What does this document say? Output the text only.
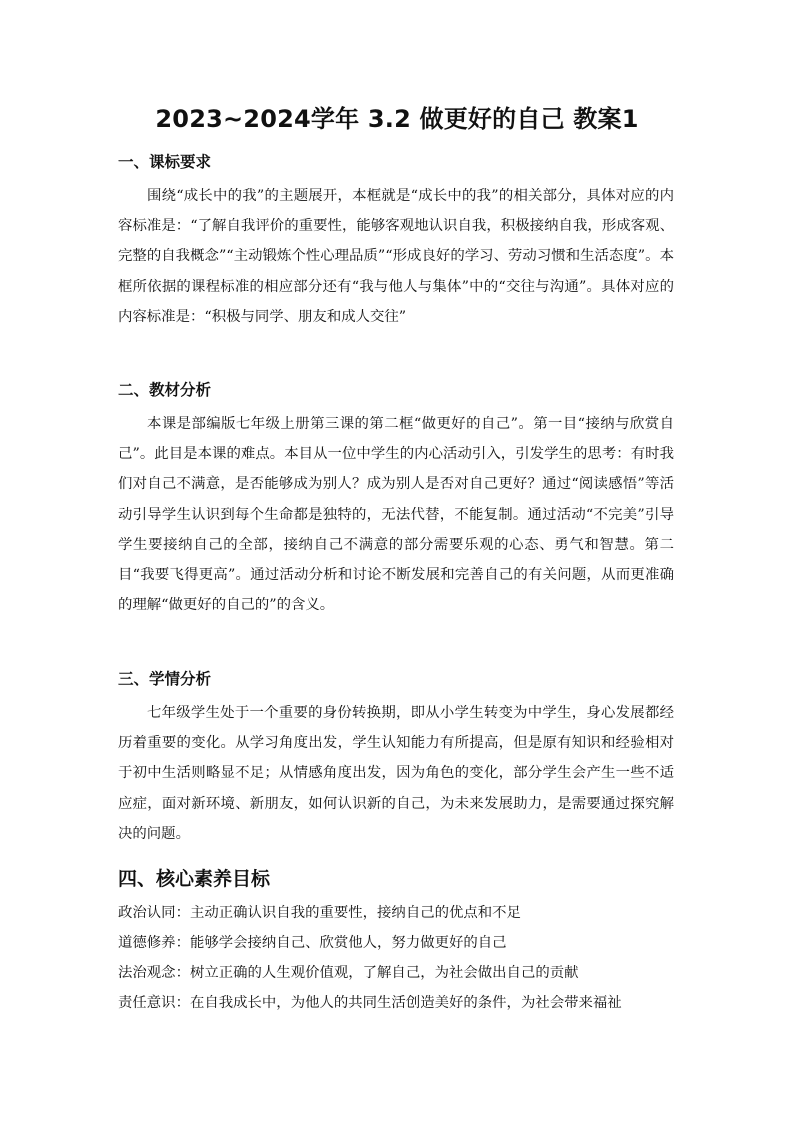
2023~2024学年 3.2 做更好的自己 教案1
一、课标要求

围绕“成长中的我”的主题展开，本框就是“成长中的我”的相关部分，具体对应的内容标准是：“了解自我评价的重要性，能够客观地认识自我，积极接纳自我，形成客观、完整的自我概念”“主动锻炼个性心理品质”“形成良好的学习、劳动习惯和生活态度”。本框所依据的课程标准的相应部分还有“我与他人与集体”中的“交往与沟通”。具体对应的内容标准是：“积极与同学、朋友和成人交往”

二、教材分析

本课是部编版七年级上册第三课的第二框“做更好的自己”。第一目“接纳与欣赏自己”。此目是本课的难点。本目从一位中学生的内心活动引入，引发学生的思考：有时我们对自己不满意，是否能够成为别人？成为别人是否对自己更好？通过“阅读感悟”等活动引导学生认识到每个生命都是独特的，无法代替，不能复制。通过活动“不完美”引导学生要接纳自己的全部，接纳自己不满意的部分需要乐观的心态、勇气和智慧。第二目“我要飞得更高”。通过活动分析和讨论不断发展和完善自己的有关问题，从而更准确的理解“做更好的自己的”的含义。

三、学情分析

七年级学生处于一个重要的身份转换期，即从小学生转变为中学生，身心发展都经历着重要的变化。从学习角度出发，学生认知能力有所提高，但是原有知识和经验相对于初中生活则略显不足；从情感角度出发，因为角色的变化，部分学生会产生一些不适应症，面对新环境、新朋友，如何认识新的自己，为未来发展助力，是需要通过探究解决的问题。

四、核心素养目标
政治认同：主动正确认识自我的重要性，接纳自己的优点和不足
道德修养：能够学会接纳自己、欣赏他人，努力做更好的自己
法治观念：树立正确的人生观价值观，了解自己，为社会做出自己的贡献
责任意识：在自我成长中，为他人的共同生活创造美好的条件，为社会带来福祉
